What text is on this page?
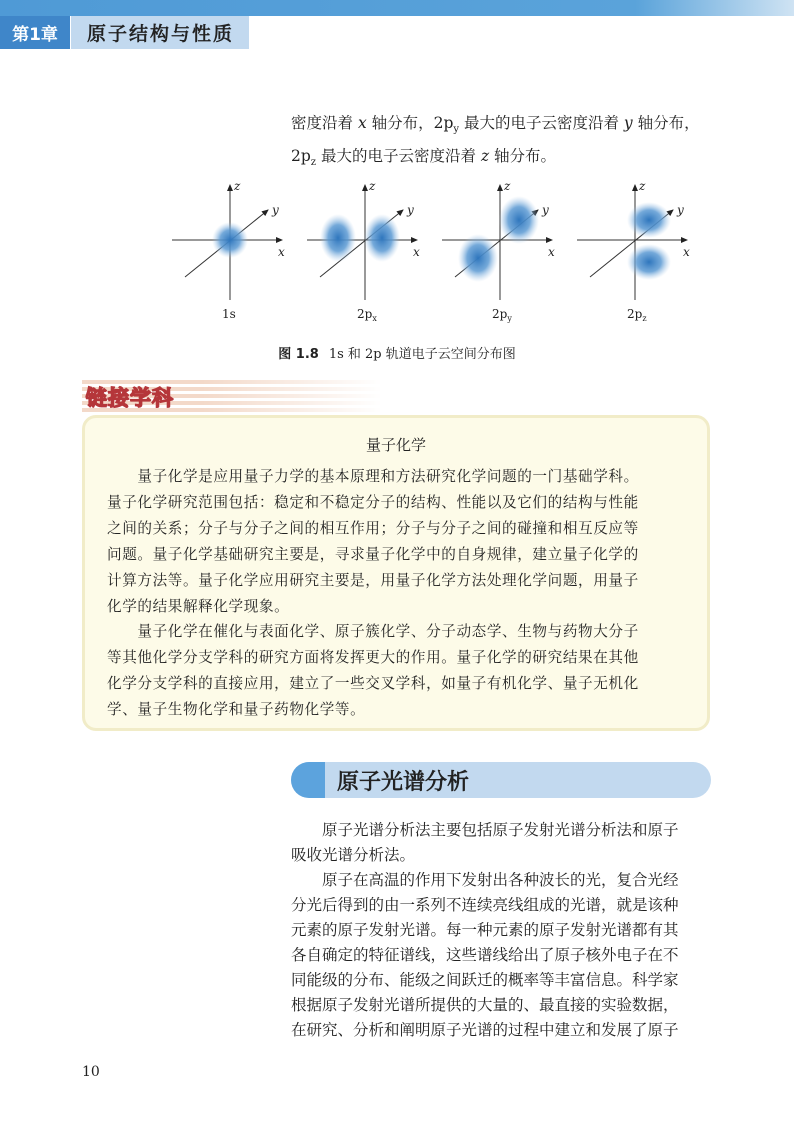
第1章	原子结构与性质
密度沿着 x 轴分布，$2p_y$ 最大的电子云密度沿着 y 轴分布，
$2p_z$ 最大的电子云密度沿着 z 轴分布。
x
z
y
1s
x
z
y
$2p_x$
x
z
y
$2p_y$
x
z
y
$2p_z$
图 1.8 1s 和 2p 轨道电子云空间分布图
链接学科
量子化学
　　量子化学是应用量子力学的基本原理和方法研究化学问题的一门基础学科。
量子化学研究范围包括：稳定和不稳定分子的结构、性能以及它们的结构与性能
之间的关系；分子与分子之间的相互作用；分子与分子之间的碰撞和相互反应等
问题。量子化学基础研究主要是，寻求量子化学中的自身规律，建立量子化学的
计算方法等。量子化学应用研究主要是，用量子化学方法处理化学问题，用量子
化学的结果解释化学现象。
　　量子化学在催化与表面化学、原子簇化学、分子动态学、生物与药物大分子
等其他化学分支学科的研究方面将发挥更大的作用。量子化学的研究结果在其他
化学分支学科的直接应用，建立了一些交叉学科，如量子有机化学、量子无机化
学、量子生物化学和量子药物化学等。
原子光谱分析
　　原子光谱分析法主要包括原子发射光谱分析法和原子
吸收光谱分析法。
　　原子在高温的作用下发射出各种波长的光，复合光经
分光后得到的由一系列不连续亮线组成的光谱，就是该种
元素的原子发射光谱。每一种元素的原子发射光谱都有其
各自确定的特征谱线，这些谱线给出了原子核外电子在不
同能级的分布、能级之间跃迁的概率等丰富信息。科学家
根据原子发射光谱所提供的大量的、最直接的实验数据，
在研究、分析和阐明原子光谱的过程中建立和发展了原子
10
